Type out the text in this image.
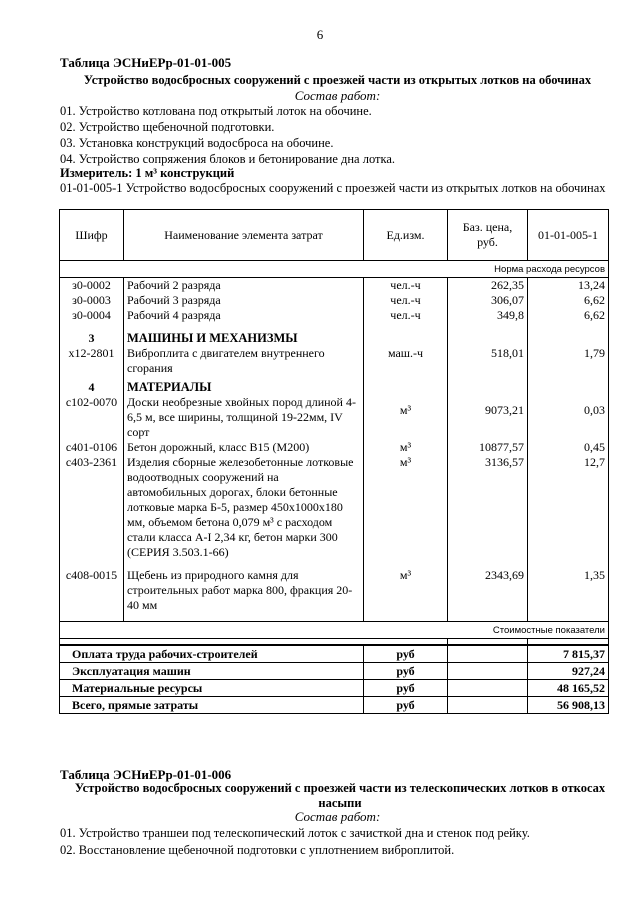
6
Таблица ЭСНиЕРр-01-01-005
Устройство водосбросных сооружений с проезжей части из открытых лотков на обочинах
Состав работ:
01. Устройство котлована под открытый лоток на обочине.
02. Устройство щебеночной подготовки.
03. Установка конструкций водосброса на обочине.
04. Устройство сопряжения блоков и бетонирование дна лотка.
Измеритель: 1 м³ конструкций
01-01-005-1 Устройство водосбросных сооружений с проезжей части из открытых лотков на обочинах
Шифр	Наименование элемента затрат	Ед.изм.	Баз. цена, руб.	01-01-005-1
Норма расхода ресурсов				
з0-0002	Рабочий 2 разряда	чел.-ч	262,35	13,24
з0-0003	Рабочий 3 разряда	чел.-ч	306,07	6,62
з0-0004	Рабочий 4 разряда	чел.-ч	349,8	6,62
3	МАШИНЫ И МЕХАНИЗМЫ			
х12-2801	Виброплита с двигателем внутреннего сгорания	маш.-ч	518,01	1,79
4	МАТЕРИАЛЫ			
с102-0070	Доски необрезные хвойных пород длиной 4-6,5 м, все ширины, толщиной 19-22мм, IV сорт	м³	9073,21	0,03
с401-0106	Бетон дорожный, класс B15 (М200)	м³	10877,57	0,45
с403-2361	Изделия сборные железобетонные лотковые водоотводных сооружений на автомобильных дорогах, блоки бетонные лотковые марка Б-5, размер 450х1000х180 мм, объемом бетона 0,079 м³ с расходом стали класса А-I 2,34 кг, бетон марки 300 (СЕРИЯ 3.503.1-66)	м³	3136,57	12,7
с408-0015	Щебень из природного камня для строительных работ марка 800, фракция 20-40 мм	м³	2343,69	1,35
Стоимостные показатели				

Оплата труда рабочих-строителей		руб		7 815,37
Эксплуатация машин		руб		927,24
Материальные ресурсы		руб		48 165,52
Всего, прямые затраты		руб		56 908,13
Таблица ЭСНиЕРр-01-01-006
Устройство водосбросных сооружений с проезжей части из телескопических лотков в откосах насыпи
Состав работ:
01. Устройство траншеи под телескопический лоток с зачисткой дна и стенок под рейку.
02. Восстановление щебеночной подготовки с уплотнением виброплитой.
